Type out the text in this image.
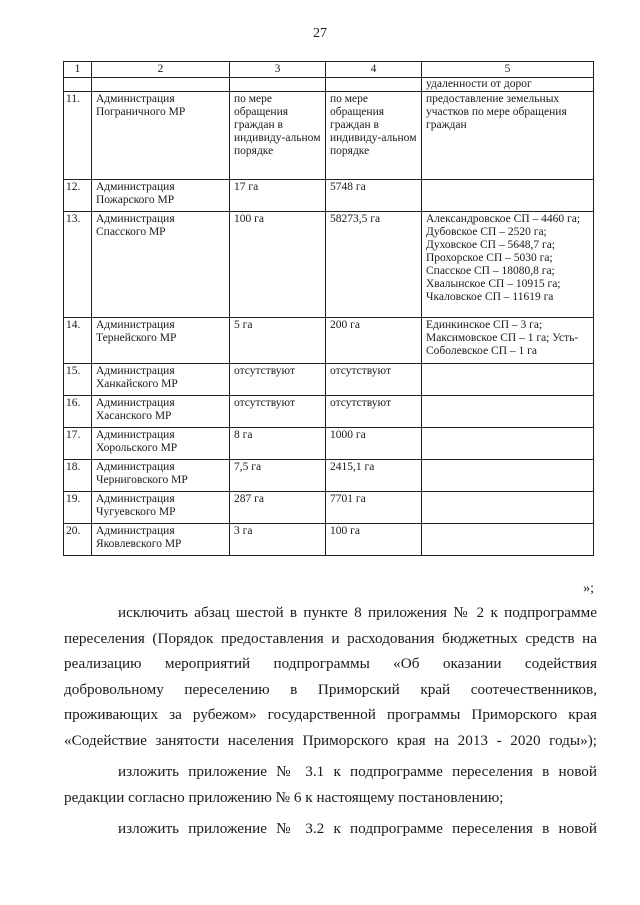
27
1	2	3	4	5
				удаленности от дорог
11.	Администрация Пограничного МР	по мере обращения граждан в индивиду-альном порядке	по мере обращения граждан в индивиду-альном порядке	предоставление земельных участков по мере обращения граждан
12.	Администрация Пожарского МР	17 га	5748 га	
13.	Администрация Спасского МР	100 га	58273,5 га	Александровское СП – 4460 га; Дубовское СП – 2520 га; Духовское СП – 5648,7 га; Прохорское СП – 5030 га; Спасское СП – 18080,8 га; Хвалынское СП – 10915 га; Чкаловское СП – 11619 га
14.	Администрация Тернейского МР	5 га	200 га	Единкинское СП – 3 га; Максимовское СП – 1 га; Усть-Соболевское СП – 1 га
15.	Администрация Ханкайского МР	отсутствуют	отсутствуют	
16.	Администрация Хасанского МР	отсутствуют	отсутствуют	
17.	Администрация Хорольского МР	8 га	1000 га	
18.	Администрация Черниговского МР	7,5 га	2415,1 га	
19.	Администрация Чугуевского МР	287 га	7701 га	
20.	Администрация Яковлевского МР	3 га	100 га	
»;

исключить абзац шестой в пункте 8 приложения № 2 к подпрограмме
переселения (Порядок предоставления и расходования бюджетных средств на
реализацию мероприятий подпрограммы «Об оказании содействия
добровольному переселению в Приморский край соотечественников,
проживающих за рубежом» государственной программы Приморского края
«Содействие занятости населения Приморского края на 2013 - 2020 годы»);

изложить приложение № 3.1 к подпрограмме переселения в новой
редакции согласно приложению № 6 к настоящему постановлению;

изложить приложение № 3.2 к подпрограмме переселения в новой
